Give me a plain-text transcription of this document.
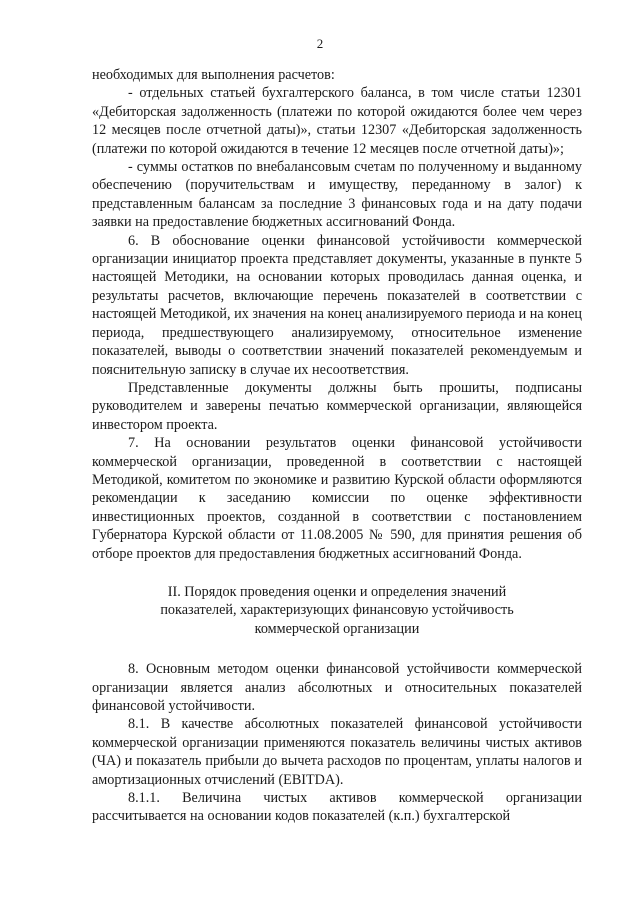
2

необходимых для выполнения расчетов:

- отдельных статьей бухгалтерского баланса, в том числе статьи 12301 «Дебиторская задолженность (платежи по которой ожидаются более чем через 12 месяцев после отчетной даты)», статьи 12307 «Дебиторская задолженность (платежи по которой ожидаются в течение 12 месяцев после отчетной даты)»;

- суммы остатков по внебалансовым счетам по полученному и выданному обеспечению (поручительствам и имуществу, переданному в залог) к представленным балансам за последние 3 финансовых года и на дату подачи заявки на предоставление бюджетных ассигнований Фонда.

6. В обоснование оценки финансовой устойчивости коммерческой организации инициатор проекта представляет документы, указанные в пункте 5 настоящей Методики, на основании которых проводилась данная оценка, и результаты расчетов, включающие перечень показателей в соответствии с настоящей Методикой, их значения на конец анализируемого периода и на конец периода, предшествующего анализируемому, относительное изменение показателей, выводы о соответствии значений показателей рекомендуемым и пояснительную записку в случае их несоответствия.

Представленные документы должны быть прошиты, подписаны руководителем и заверены печатью коммерческой организации, являющейся инвестором проекта.

7. На основании результатов оценки финансовой устойчивости коммерческой организации, проведенной в соответствии с настоящей Методикой, комитетом по экономике и развитию Курской области оформляются рекомендации к заседанию комиссии по оценке эффективности инвестиционных проектов, созданной в соответствии с постановлением Губернатора Курской области от 11.08.2005 № 590, для принятия решения об отборе проектов для предоставления бюджетных ассигнований Фонда.

II. Порядок проведения оценки и определения значений
показателей, характеризующих финансовую устойчивость
коммерческой организации

8. Основным методом оценки финансовой устойчивости коммерческой организации является анализ абсолютных и относительных показателей финансовой устойчивости.

8.1. В качестве абсолютных показателей финансовой устойчивости коммерческой организации применяются показатель величины чистых активов (ЧА) и показатель прибыли до вычета расходов по процентам, уплаты налогов и амортизационных отчислений (EBITDA).

8.1.1. Величина чистых активов коммерческой организации рассчитывается на основании кодов показателей (к.п.) бухгалтерской
